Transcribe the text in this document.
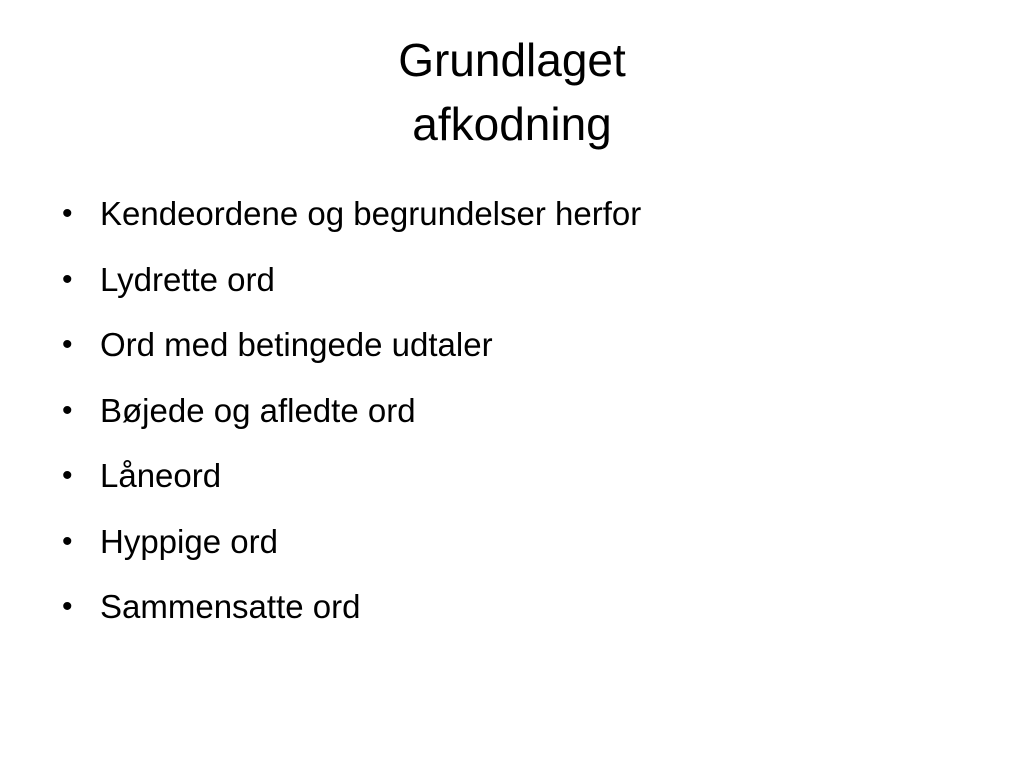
Grundlaget
afkodning
• Kendeordene og begrundelser herfor
• Lydrette ord
• Ord med betingede udtaler
• Bøjede og afledte ord
• Låneord
• Hyppige ord
• Sammensatte ord
